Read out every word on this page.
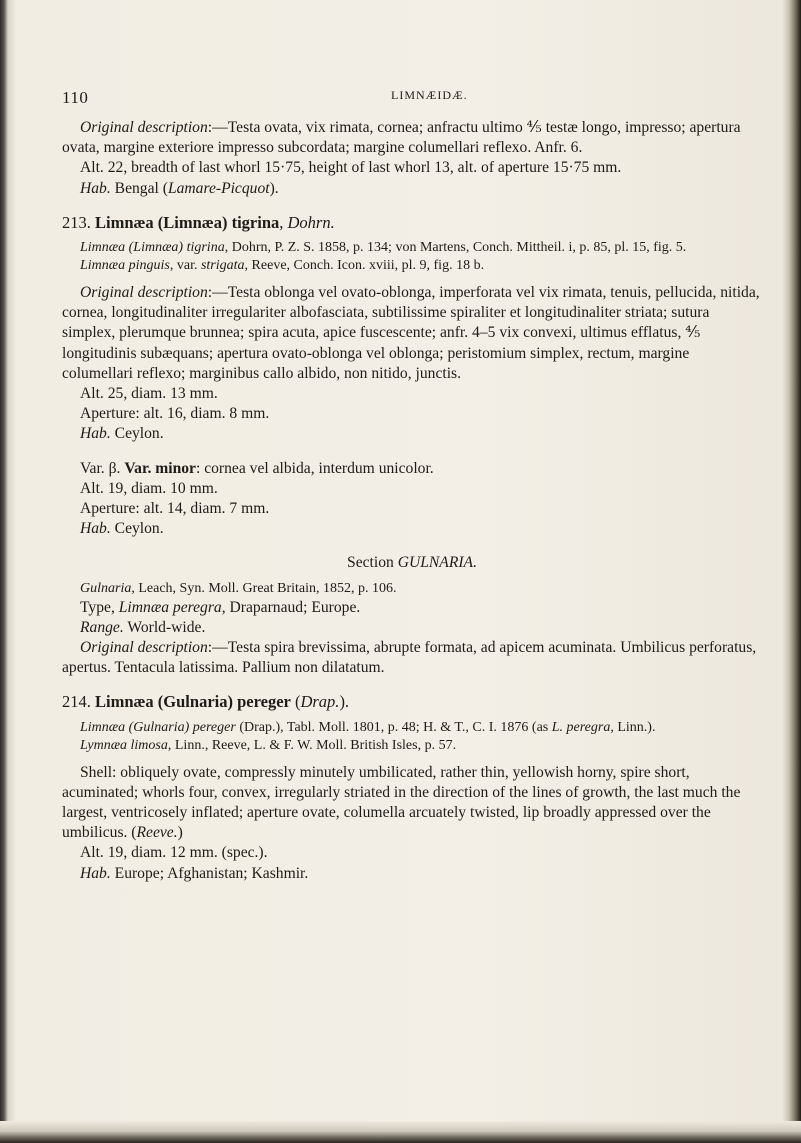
110	LIMNÆIDÆ.

Original description:—Testa ovata, vix rimata, cornea; anfractu ultimo ⅘ testæ longo, impresso; apertura ovata, margine exteriore impresso subcordata; margine columellari reflexo. Anfr. 6.

Alt. 22, breadth of last whorl 15·75, height of last whorl 13, alt. of aperture 15·75 mm.

Hab. Bengal (Lamare-Picquot).

213. Limnæa (Limnæa) tigrina, Dohrn.

Limnæa (Limnæa) tigrina, Dohrn, P. Z. S. 1858, p. 134; von Martens, Conch. Mittheil. i, p. 85, pl. 15, fig. 5.

Limnæa pinguis, var. strigata, Reeve, Conch. Icon. xviii, pl. 9, fig. 18 b.

Original description:—Testa oblonga vel ovato-oblonga, imperforata vel vix rimata, tenuis, pellucida, nitida, cornea, longitudinaliter irregulariter albofasciata, subtilissime spiraliter et longitudinaliter striata; sutura simplex, plerumque brunnea; spira acuta, apice fuscescente; anfr. 4–5 vix convexi, ultimus efflatus, ⅘ longitudinis subæquans; apertura ovato-oblonga vel oblonga; peristomium simplex, rectum, margine columellari reflexo; marginibus callo albido, non nitido, junctis.

Alt. 25, diam. 13 mm.

Aperture: alt. 16, diam. 8 mm.

Hab. Ceylon.

Var. β. Var. minor: cornea vel albida, interdum unicolor.

Alt. 19, diam. 10 mm.

Aperture: alt. 14, diam. 7 mm.

Hab. Ceylon.

Section GULNARIA.

Gulnaria, Leach, Syn. Moll. Great Britain, 1852, p. 106.

Type, Limnæa peregra, Draparnaud; Europe.

Range. World-wide.

Original description:—Testa spira brevissima, abrupte formata, ad apicem acuminata. Umbilicus perforatus, apertus. Tentacula latissima. Pallium non dilatatum.

214. Limnæa (Gulnaria) pereger (Drap.).

Limnæa (Gulnaria) pereger (Drap.), Tabl. Moll. 1801, p. 48; H. & T., C. I. 1876 (as L. peregra, Linn.).

Lymnæa limosa, Linn., Reeve, L. & F. W. Moll. British Isles, p. 57.

Shell: obliquely ovate, compressly minutely umbilicated, rather thin, yellowish horny, spire short, acuminated; whorls four, convex, irregularly striated in the direction of the lines of growth, the last much the largest, ventricosely inflated; aperture ovate, columella arcuately twisted, lip broadly appressed over the umbilicus. (Reeve.)

Alt. 19, diam. 12 mm. (spec.).

Hab. Europe; Afghanistan; Kashmir.
